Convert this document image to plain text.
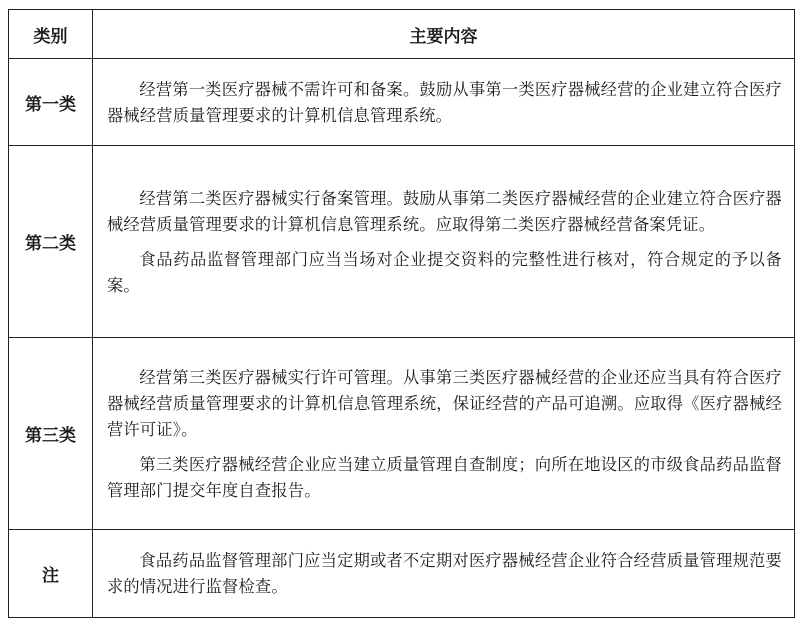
类别	主要内容
第一类	经营第一类医疗器械不需许可和备案。鼓励从事第一类医疗器械经营的企业建立符合医疗器械经营质量管理要求的计算机信息管理系统。

第二类	经营第二类医疗器械实行备案管理。鼓励从事第二类医疗器械经营的企业建立符合医疗器械经营质量管理要求的计算机信息管理系统。应取得第二类医疗器械经营备案凭证。

食品药品监督管理部门应当当场对企业提交资料的完整性进行核对，符合规定的予以备案。

第三类	经营第三类医疗器械实行许可管理。从事第三类医疗器械经营的企业还应当具有符合医疗器械经营质量管理要求的计算机信息管理系统，保证经营的产品可追溯。应取得《医疗器械经营许可证》。

第三类医疗器械经营企业应当建立质量管理自查制度；向所在地设区的市级食品药品监督管理部门提交年度自查报告。

注	食品药品监督管理部门应当定期或者不定期对医疗器械经营企业符合经营质量管理规范要求的情况进行监督检查。
